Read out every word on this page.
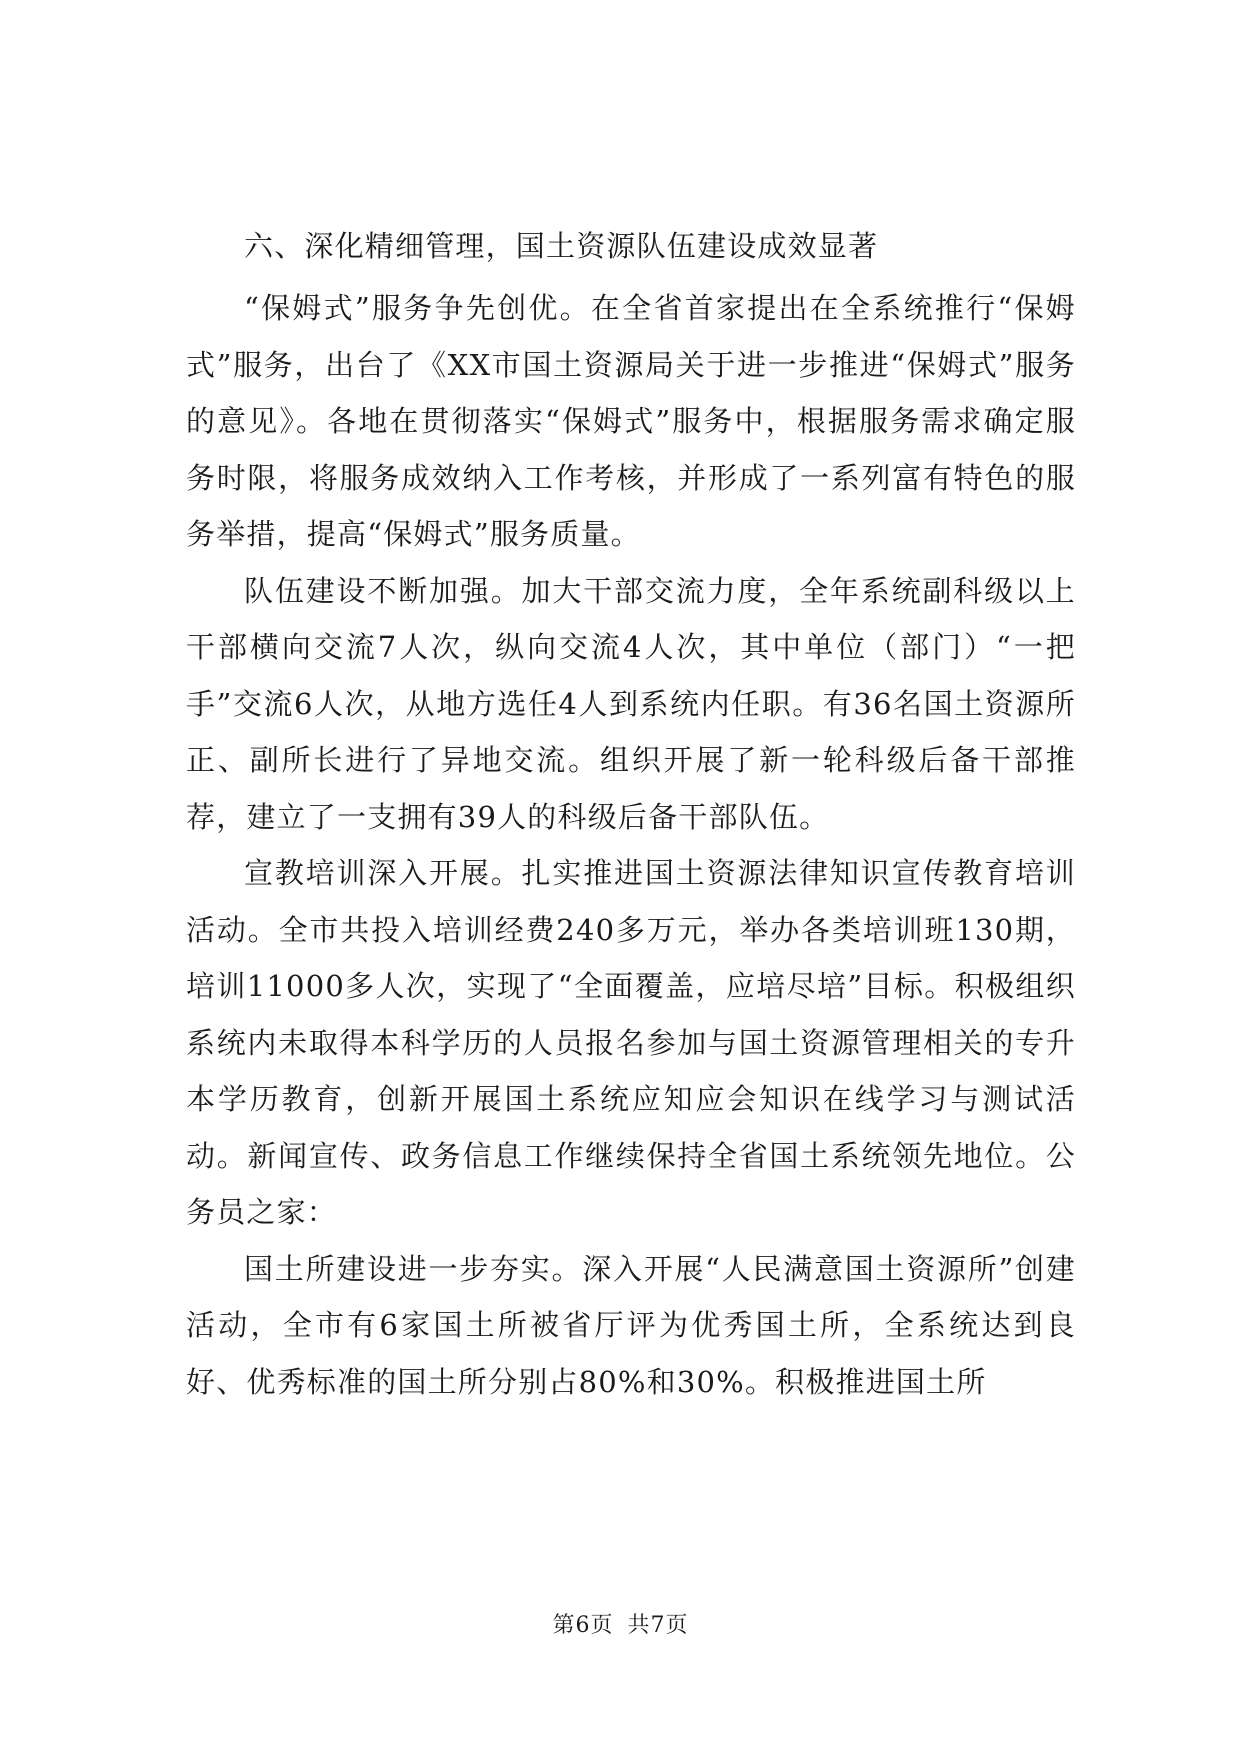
六、深化精细管理，国土资源队伍建设成效显著

“保姆式”服务争先创优。在全省首家提出在全系统推行“保姆式”服务，出台了《XX市国土资源局关于进一步推进“保姆式”服务的意见》。各地在贯彻落实“保姆式”服务中，根据服务需求确定服务时限，将服务成效纳入工作考核，并形成了一系列富有特色的服务举措，提高“保姆式”服务质量。

队伍建设不断加强。加大干部交流力度，全年系统副科级以上干部横向交流7人次，纵向交流4人次，其中单位（部门）“一把手”交流6人次，从地方选任4人到系统内任职。有36名国土资源所正、副所长进行了异地交流。组织开展了新一轮科级后备干部推荐，建立了一支拥有39人的科级后备干部队伍。

宣教培训深入开展。扎实推进国土资源法律知识宣传教育培训活动。全市共投入培训经费240多万元，举办各类培训班130期，培训11000多人次，实现了“全面覆盖，应培尽培”目标。积极组织系统内未取得本科学历的人员报名参加与国土资源管理相关的专升本学历教育，创新开展国土系统应知应会知识在线学习与测试活动。新闻宣传、政务信息工作继续保持全省国土系统领先地位。公务员之家：

国土所建设进一步夯实。深入开展“人民满意国土资源所”创建活动，全市有6家国土所被省厅评为优秀国土所，全系统达到良好、优秀标准的国土所分别占80%和30%。积极推进国土所

第6页 共7页
